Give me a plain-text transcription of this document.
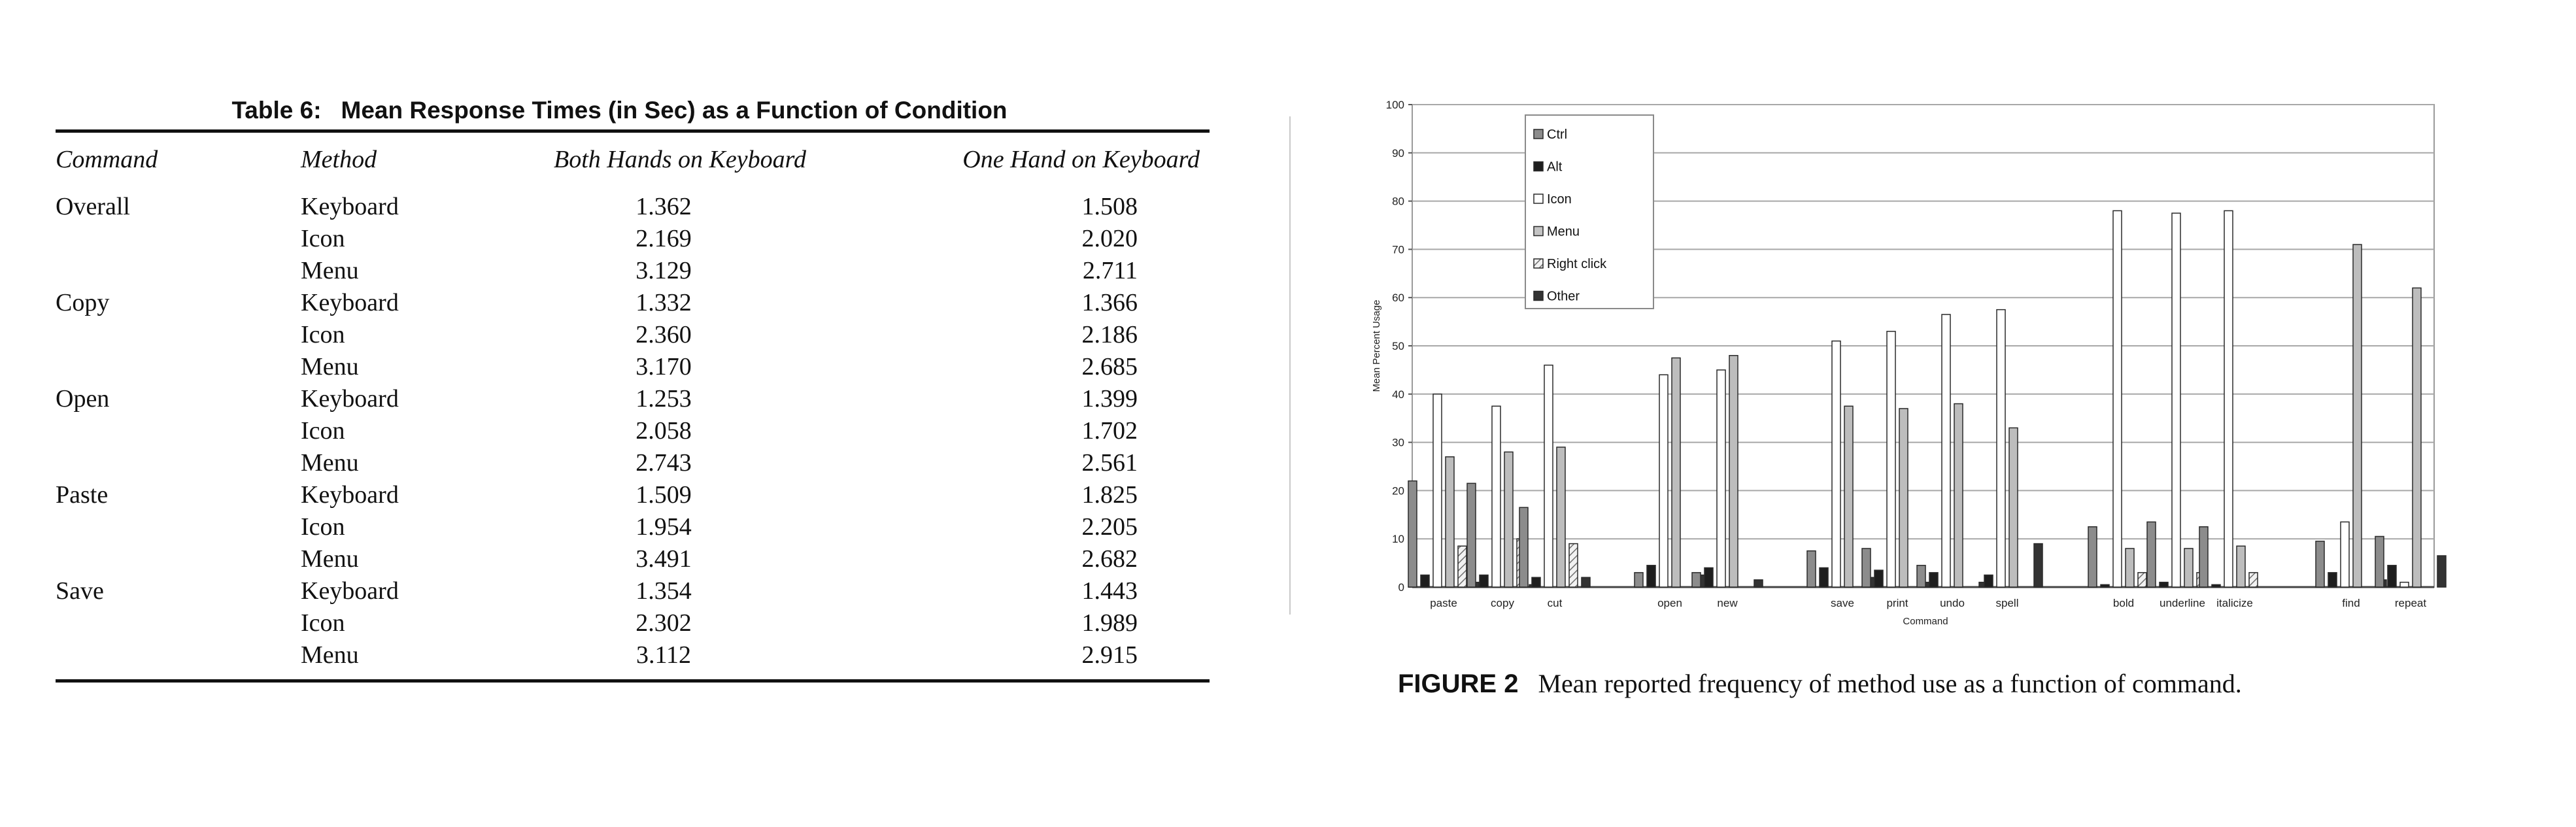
Table 6: Mean Response Times (in Sec) as a Function of Condition
Command	Method	Both Hands on Keyboard	One Hand on Keyboard
Overall	Keyboard	1.362	1.508
	Icon	2.169	2.020
	Menu	3.129	2.711
Copy	Keyboard	1.332	1.366
	Icon	2.360	2.186
	Menu	3.170	2.685
Open	Keyboard	1.253	1.399
	Icon	2.058	1.702
	Menu	2.743	2.561
Paste	Keyboard	1.509	1.825
	Icon	1.954	2.205
	Menu	3.491	2.682
Save	Keyboard	1.354	1.443
	Icon	2.302	1.989
	Menu	3.112	2.915
0
10
20
30
40
50
60
70
80
90
100
Mean Percent Usage
Command
paste	copy	cut	open	new	save	print	undo	spell	bold underline italicize	find	repeat
Ctrl
Alt
Icon
Menu
Right click
Other
FIGURE 2 Mean reported frequency of method use as a function of command.
